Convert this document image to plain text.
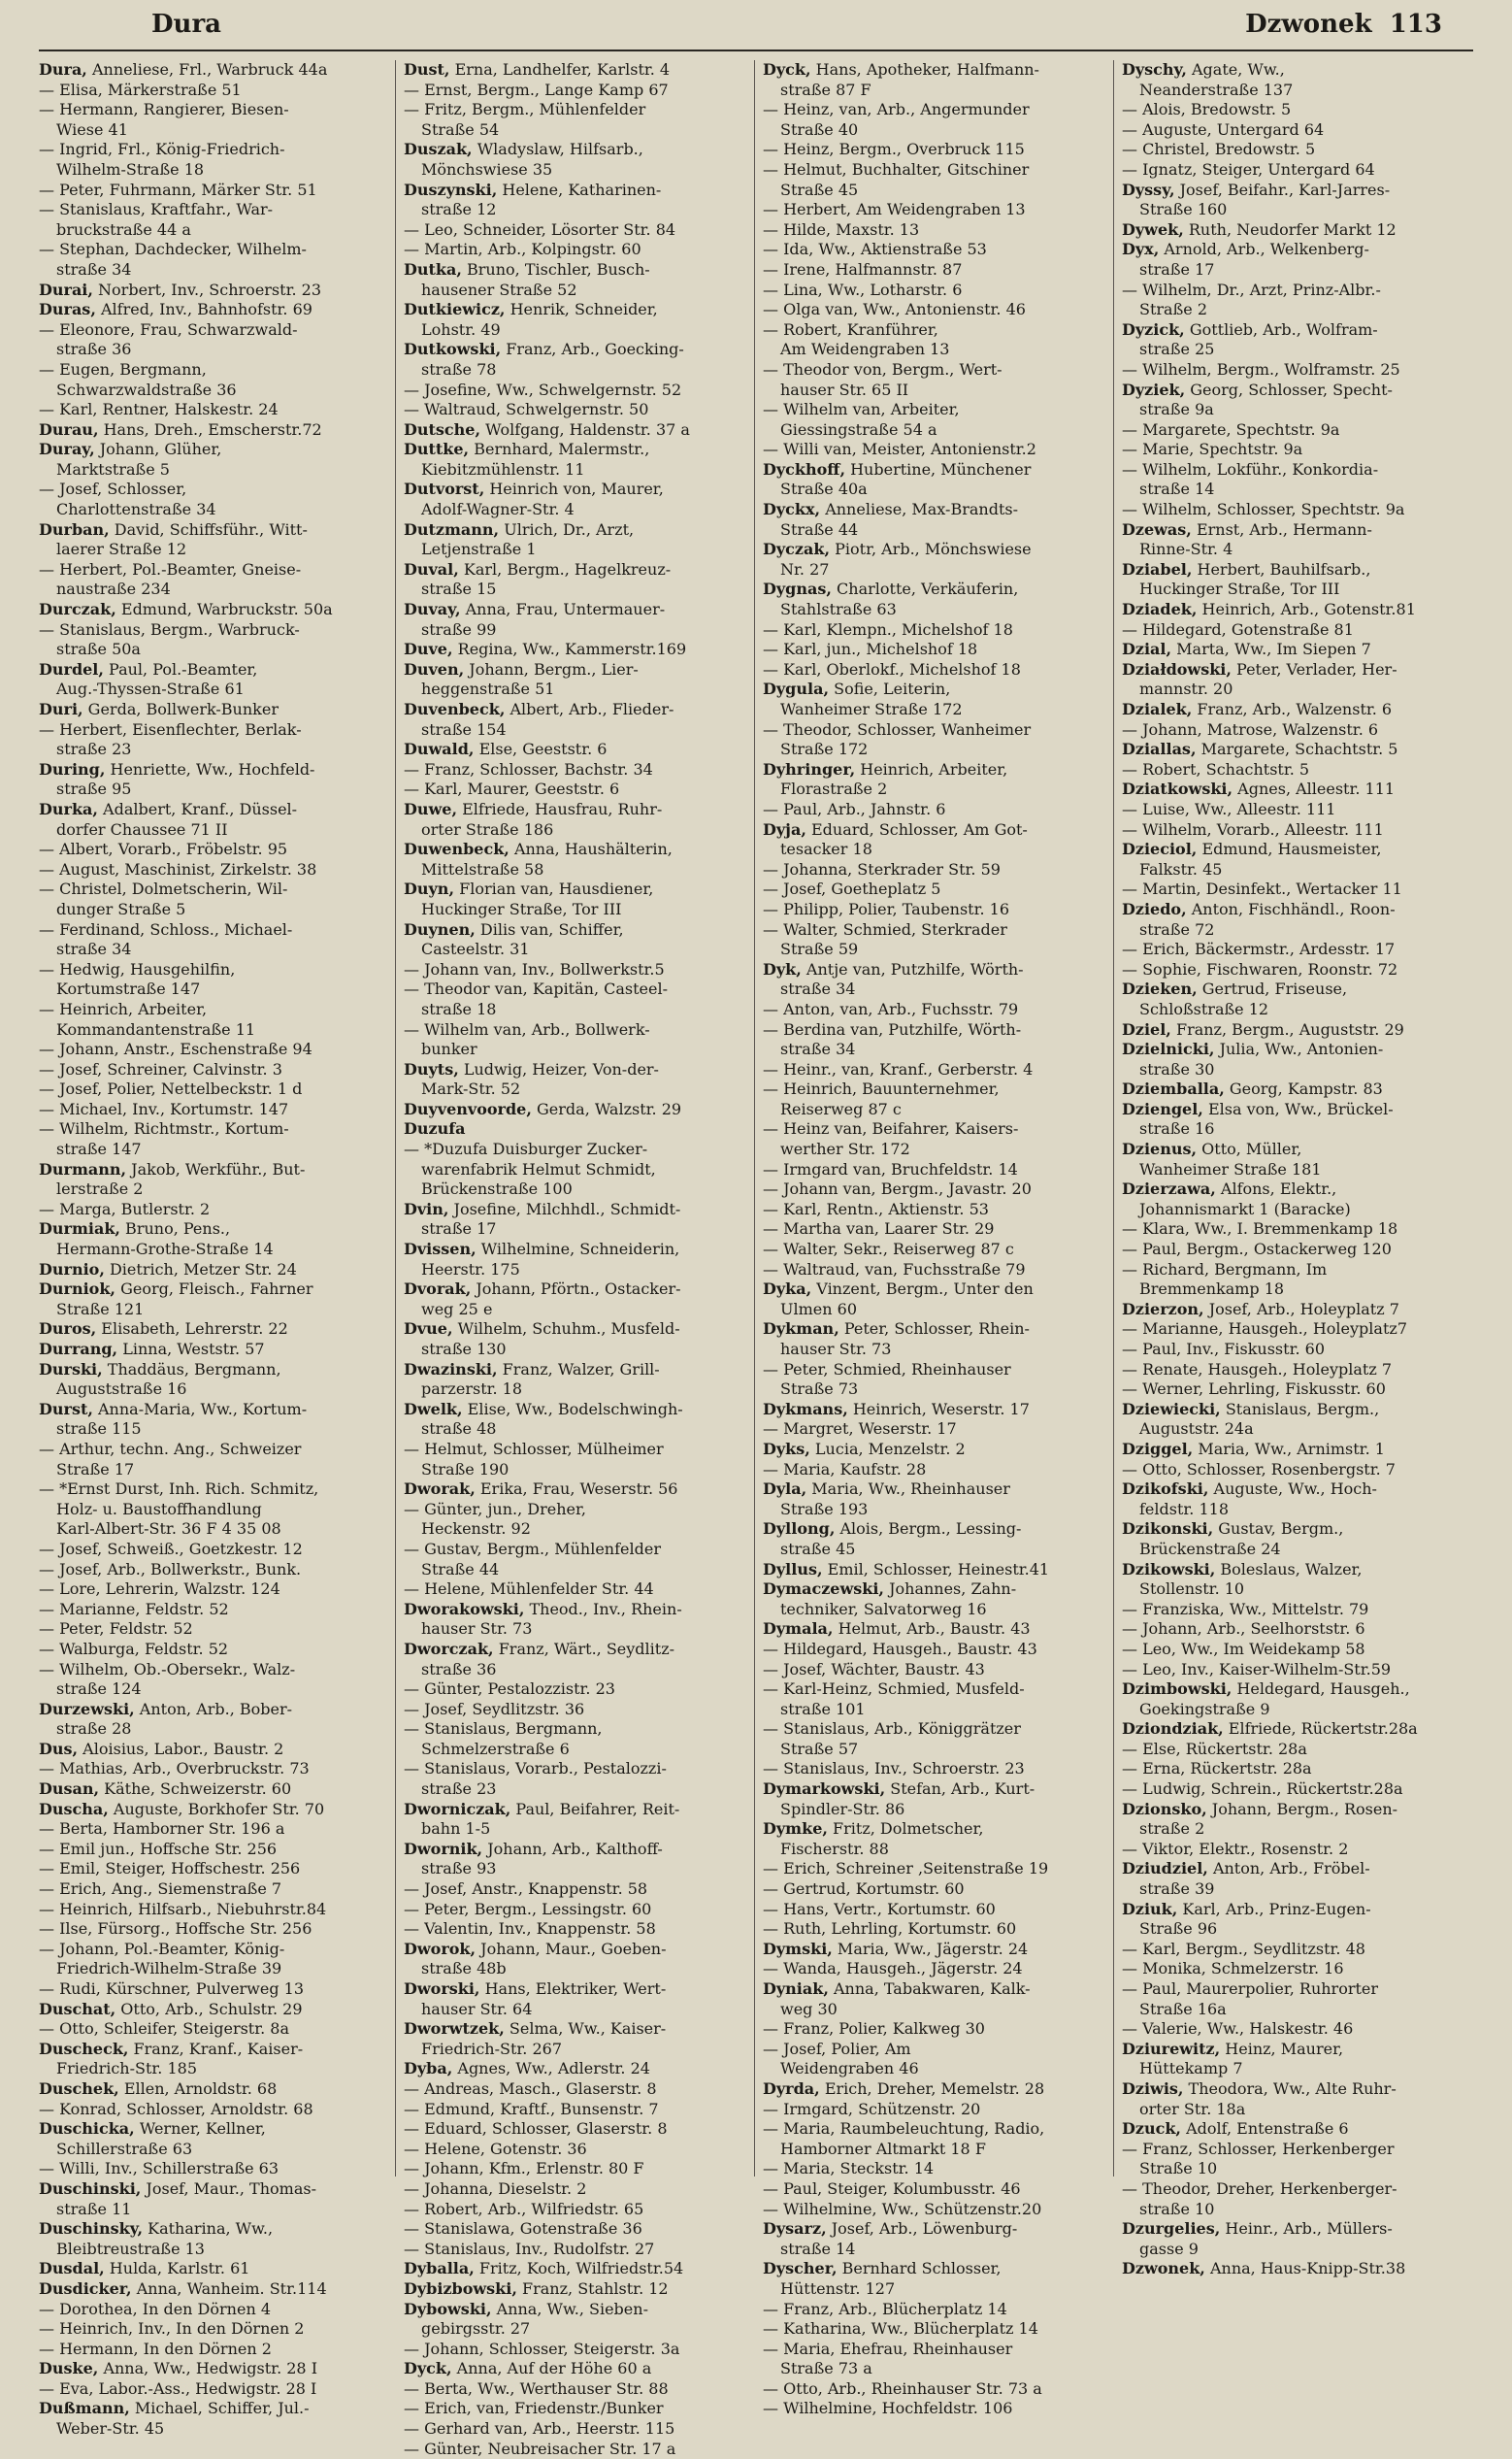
Dura	Dzwonek 113
Dura, Anneliese, Frl., Warbruck 44a
— Elisa, Märkerstraße 51
— Hermann, Rangierer, Biesen-
Wiese 41
— Ingrid, Frl., König-Friedrich-
Wilhelm-Straße 18
— Peter, Fuhrmann, Märker Str. 51
— Stanislaus, Kraftfahr., War-
bruckstraße 44 a
— Stephan, Dachdecker, Wilhelm-
straße 34
Durai, Norbert, Inv., Schroerstr. 23
Duras, Alfred, Inv., Bahnhofstr. 69
— Eleonore, Frau, Schwarzwald-
straße 36
— Eugen, Bergmann,
Schwarzwaldstraße 36
— Karl, Rentner, Halskestr. 24
Durau, Hans, Dreh., Emscherstr.72
Duray, Johann, Glüher,
Marktstraße 5
— Josef, Schlosser,
Charlottenstraße 34
Durban, David, Schiffsführ., Witt-
laerer Straße 12
— Herbert, Pol.-Beamter, Gneise-
naustraße 234
Durczak, Edmund, Warbruckstr. 50a
— Stanislaus, Bergm., Warbruck-
straße 50a
Durdel, Paul, Pol.-Beamter,
Aug.-Thyssen-Straße 61
Duri, Gerda, Bollwerk-Bunker
— Herbert, Eisenflechter, Berlak-
straße 23
During, Henriette, Ww., Hochfeld-
straße 95
Durka, Adalbert, Kranf., Düssel-
dorfer Chaussee 71 II
— Albert, Vorarb., Fröbelstr. 95
— August, Maschinist, Zirkelstr. 38
— Christel, Dolmetscherin, Wil-
dunger Straße 5
— Ferdinand, Schloss., Michael-
straße 34
— Hedwig, Hausgehilfin,
Kortumstraße 147
— Heinrich, Arbeiter,
Kommandantenstraße 11
— Johann, Anstr., Eschenstraße 94
— Josef, Schreiner, Calvinstr. 3
— Josef, Polier, Nettelbeckstr. 1 d
— Michael, Inv., Kortumstr. 147
— Wilhelm, Richtmstr., Kortum-
straße 147
Durmann, Jakob, Werkführ., But-
lerstraße 2
— Marga, Butlerstr. 2
Durmiak, Bruno, Pens.,
Hermann-Grothe-Straße 14
Durnio, Dietrich, Metzer Str. 24
Durniok, Georg, Fleisch., Fahrner
Straße 121
Duros, Elisabeth, Lehrerstr. 22
Durrang, Linna, Weststr. 57
Durski, Thaddäus, Bergmann,
Auguststraße 16
Durst, Anna-Maria, Ww., Kortum-
straße 115
— Arthur, techn. Ang., Schweizer
Straße 17
— *Ernst Durst, Inh. Rich. Schmitz,
Holz- u. Baustoffhandlung
Karl-Albert-Str. 36 F 4 35 08
— Josef, Schweiß., Goetzkestr. 12
— Josef, Arb., Bollwerkstr., Bunk.
— Lore, Lehrerin, Walzstr. 124
— Marianne, Feldstr. 52
— Peter, Feldstr. 52
— Walburga, Feldstr. 52
— Wilhelm, Ob.-Obersekr., Walz-
straße 124
Durzewski, Anton, Arb., Bober-
straße 28
Dus, Aloisius, Labor., Baustr. 2
— Mathias, Arb., Overbruckstr. 73
Dusan, Käthe, Schweizerstr. 60
Duscha, Auguste, Borkhofer Str. 70
— Berta, Hamborner Str. 196 a
— Emil jun., Hoffsche Str. 256
— Emil, Steiger, Hoffschestr. 256
— Erich, Ang., Siemenstraße 7
— Heinrich, Hilfsarb., Niebuhrstr.84
— Ilse, Fürsorg., Hoffsche Str. 256
— Johann, Pol.-Beamter, König-
Friedrich-Wilhelm-Straße 39
— Rudi, Kürschner, Pulverweg 13
Duschat, Otto, Arb., Schulstr. 29
— Otto, Schleifer, Steigerstr. 8a
Duscheck, Franz, Kranf., Kaiser-
Friedrich-Str. 185
Duschek, Ellen, Arnoldstr. 68
— Konrad, Schlosser, Arnoldstr. 68
Duschicka, Werner, Kellner,
Schillerstraße 63
— Willi, Inv., Schillerstraße 63
Duschinski, Josef, Maur., Thomas-
straße 11
Duschinsky, Katharina, Ww.,
Bleibtreustraße 13
Dusdal, Hulda, Karlstr. 61
Dusdicker, Anna, Wanheim. Str.114
— Dorothea, In den Dörnen 4
— Heinrich, Inv., In den Dörnen 2
— Hermann, In den Dörnen 2
Duske, Anna, Ww., Hedwigstr. 28 I
— Eva, Labor.-Ass., Hedwigstr. 28 I
Dußmann, Michael, Schiffer, Jul.-
Weber-Str. 45
Dust, Erna, Landhelfer, Karlstr. 4
— Ernst, Bergm., Lange Kamp 67
— Fritz, Bergm., Mühlenfelder
Straße 54
Duszak, Wladyslaw, Hilfsarb.,
Mönchswiese 35
Duszynski, Helene, Katharinen-
straße 12
— Leo, Schneider, Lösorter Str. 84
— Martin, Arb., Kolpingstr. 60
Dutka, Bruno, Tischler, Busch-
hausener Straße 52
Dutkiewicz, Henrik, Schneider,
Lohstr. 49
Dutkowski, Franz, Arb., Goecking-
straße 78
— Josefine, Ww., Schwelgernstr. 52
— Waltraud, Schwelgernstr. 50
Dutsche, Wolfgang, Haldenstr. 37 a
Duttke, Bernhard, Malermstr.,
Kiebitzmühlenstr. 11
Dutvorst, Heinrich von, Maurer,
Adolf-Wagner-Str. 4
Dutzmann, Ulrich, Dr., Arzt,
Letjenstraße 1
Duval, Karl, Bergm., Hagelkreuz-
straße 15
Duvay, Anna, Frau, Untermauer-
straße 99
Duve, Regina, Ww., Kammerstr.169
Duven, Johann, Bergm., Lier-
heggenstraße 51
Duvenbeck, Albert, Arb., Flieder-
straße 154
Duwald, Else, Geeststr. 6
— Franz, Schlosser, Bachstr. 34
— Karl, Maurer, Geeststr. 6
Duwe, Elfriede, Hausfrau, Ruhr-
orter Straße 186
Duwenbeck, Anna, Haushälterin,
Mittelstraße 58
Duyn, Florian van, Hausdiener,
Huckinger Straße, Tor III
Duynen, Dilis van, Schiffer,
Casteelstr. 31
— Johann van, Inv., Bollwerkstr.5
— Theodor van, Kapitän, Casteel-
straße 18
— Wilhelm van, Arb., Bollwerk-
bunker
Duyts, Ludwig, Heizer, Von-der-
Mark-Str. 52
Duyvenvoorde, Gerda, Walzstr. 29
Duzufa
— *Duzufa Duisburger Zucker-
warenfabrik Helmut Schmidt,
Brückenstraße 100
Dvin, Josefine, Milchhdl., Schmidt-
straße 17
Dvissen, Wilhelmine, Schneiderin,
Heerstr. 175
Dvorak, Johann, Pförtn., Ostacker-
weg 25 e
Dvue, Wilhelm, Schuhm., Musfeld-
straße 130
Dwazinski, Franz, Walzer, Grill-
parzerstr. 18
Dwelk, Elise, Ww., Bodelschwingh-
straße 48
— Helmut, Schlosser, Mülheimer
Straße 190
Dworak, Erika, Frau, Weserstr. 56
— Günter, jun., Dreher,
Heckenstr. 92
— Gustav, Bergm., Mühlenfelder
Straße 44
— Helene, Mühlenfelder Str. 44
Dworakowski, Theod., Inv., Rhein-
hauser Str. 73
Dworczak, Franz, Wärt., Seydlitz-
straße 36
— Günter, Pestalozzistr. 23
— Josef, Seydlitzstr. 36
— Stanislaus, Bergmann,
Schmelzerstraße 6
— Stanislaus, Vorarb., Pestalozzi-
straße 23
Dworniczak, Paul, Beifahrer, Reit-
bahn 1-5
Dwornik, Johann, Arb., Kalthoff-
straße 93
— Josef, Anstr., Knappenstr. 58
— Peter, Bergm., Lessingstr. 60
— Valentin, Inv., Knappenstr. 58
Dworok, Johann, Maur., Goeben-
straße 48b
Dworski, Hans, Elektriker, Wert-
hauser Str. 64
Dworwtzek, Selma, Ww., Kaiser-
Friedrich-Str. 267
Dyba, Agnes, Ww., Adlerstr. 24
— Andreas, Masch., Glaserstr. 8
— Edmund, Kraftf., Bunsenstr. 7
— Eduard, Schlosser, Glaserstr. 8
— Helene, Gotenstr. 36
— Johann, Kfm., Erlenstr. 80 F
— Johanna, Dieselstr. 2
— Robert, Arb., Wilfriedstr. 65
— Stanislawa, Gotenstraße 36
— Stanislaus, Inv., Rudolfstr. 27
Dyballa, Fritz, Koch, Wilfriedstr.54
Dybizbowski, Franz, Stahlstr. 12
Dybowski, Anna, Ww., Sieben-
gebirgsstr. 27
— Johann, Schlosser, Steigerstr. 3a
Dyck, Anna, Auf der Höhe 60 a
— Berta, Ww., Werthauser Str. 88
— Erich, van, Friedenstr./Bunker
— Gerhard van, Arb., Heerstr. 115
— Günter, Neubreisacher Str. 17 a
Dyck, Hans, Apotheker, Halfmann-
straße 87 F
— Heinz, van, Arb., Angermunder
Straße 40
— Heinz, Bergm., Overbruck 115
— Helmut, Buchhalter, Gitschiner
Straße 45
— Herbert, Am Weidengraben 13
— Hilde, Maxstr. 13
— Ida, Ww., Aktienstraße 53
— Irene, Halfmannstr. 87
— Lina, Ww., Lotharstr. 6
— Olga van, Ww., Antonienstr. 46
— Robert, Kranführer,
Am Weidengraben 13
— Theodor von, Bergm., Wert-
hauser Str. 65 II
— Wilhelm van, Arbeiter,
Giessingstraße 54 a
— Willi van, Meister, Antonienstr.2
Dyckhoff, Hubertine, Münchener
Straße 40a
Dyckx, Anneliese, Max-Brandts-
Straße 44
Dyczak, Piotr, Arb., Mönchswiese
Nr. 27
Dygnas, Charlotte, Verkäuferin,
Stahlstraße 63
— Karl, Klempn., Michelshof 18
— Karl, jun., Michelshof 18
— Karl, Oberlokf., Michelshof 18
Dygula, Sofie, Leiterin,
Wanheimer Straße 172
— Theodor, Schlosser, Wanheimer
Straße 172
Dyhringer, Heinrich, Arbeiter,
Florastraße 2
— Paul, Arb., Jahnstr. 6
Dyja, Eduard, Schlosser, Am Got-
tesacker 18
— Johanna, Sterkrader Str. 59
— Josef, Goetheplatz 5
— Philipp, Polier, Taubenstr. 16
— Walter, Schmied, Sterkrader
Straße 59
Dyk, Antje van, Putzhilfe, Wörth-
straße 34
— Anton, van, Arb., Fuchsstr. 79
— Berdina van, Putzhilfe, Wörth-
straße 34
— Heinr., van, Kranf., Gerberstr. 4
— Heinrich, Bauunternehmer,
Reiserweg 87 c
— Heinz van, Beifahrer, Kaisers-
werther Str. 172
— Irmgard van, Bruchfeldstr. 14
— Johann van, Bergm., Javastr. 20
— Karl, Rentn., Aktienstr. 53
— Martha van, Laarer Str. 29
— Walter, Sekr., Reiserweg 87 c
— Waltraud, van, Fuchsstraße 79
Dyka, Vinzent, Bergm., Unter den
Ulmen 60
Dykman, Peter, Schlosser, Rhein-
hauser Str. 73
— Peter, Schmied, Rheinhauser
Straße 73
Dykmans, Heinrich, Weserstr. 17
— Margret, Weserstr. 17
Dyks, Lucia, Menzelstr. 2
— Maria, Kaufstr. 28
Dyla, Maria, Ww., Rheinhauser
Straße 193
Dyllong, Alois, Bergm., Lessing-
straße 45
Dyllus, Emil, Schlosser, Heinestr.41
Dymaczewski, Johannes, Zahn-
techniker, Salvatorweg 16
Dymala, Helmut, Arb., Baustr. 43
— Hildegard, Hausgeh., Baustr. 43
— Josef, Wächter, Baustr. 43
— Karl-Heinz, Schmied, Musfeld-
straße 101
— Stanislaus, Arb., Königgrätzer
Straße 57
— Stanislaus, Inv., Schroerstr. 23
Dymarkowski, Stefan, Arb., Kurt-
Spindler-Str. 86
Dymke, Fritz, Dolmetscher,
Fischerstr. 88
— Erich, Schreiner ,Seitenstraße 19
— Gertrud, Kortumstr. 60
— Hans, Vertr., Kortumstr. 60
— Ruth, Lehrling, Kortumstr. 60
Dymski, Maria, Ww., Jägerstr. 24
— Wanda, Hausgeh., Jägerstr. 24
Dyniak, Anna, Tabakwaren, Kalk-
weg 30
— Franz, Polier, Kalkweg 30
— Josef, Polier, Am
Weidengraben 46
Dyrda, Erich, Dreher, Memelstr. 28
— Irmgard, Schützenstr. 20
— Maria, Raumbeleuchtung, Radio,
Hamborner Altmarkt 18 F
— Maria, Steckstr. 14
— Paul, Steiger, Kolumbusstr. 46
— Wilhelmine, Ww., Schützenstr.20
Dysarz, Josef, Arb., Löwenburg-
straße 14
Dyscher, Bernhard Schlosser,
Hüttenstr. 127
— Franz, Arb., Blücherplatz 14
— Katharina, Ww., Blücherplatz 14
— Maria, Ehefrau, Rheinhauser
Straße 73 a
— Otto, Arb., Rheinhauser Str. 73 a
— Wilhelmine, Hochfeldstr. 106
Dyschy, Agate, Ww.,
Neanderstraße 137
— Alois, Bredowstr. 5
— Auguste, Untergard 64
— Christel, Bredowstr. 5
— Ignatz, Steiger, Untergard 64
Dyssy, Josef, Beifahr., Karl-Jarres-
Straße 160
Dywek, Ruth, Neudorfer Markt 12
Dyx, Arnold, Arb., Welkenberg-
straße 17
— Wilhelm, Dr., Arzt, Prinz-Albr.-
Straße 2
Dyzick, Gottlieb, Arb., Wolfram-
straße 25
— Wilhelm, Bergm., Wolframstr. 25
Dyziek, Georg, Schlosser, Specht-
straße 9a
— Margarete, Spechtstr. 9a
— Marie, Spechtstr. 9a
— Wilhelm, Lokführ., Konkordia-
straße 14
— Wilhelm, Schlosser, Spechtstr. 9a
Dzewas, Ernst, Arb., Hermann-
Rinne-Str. 4
Dziabel, Herbert, Bauhilfsarb.,
Huckinger Straße, Tor III
Dziadek, Heinrich, Arb., Gotenstr.81
— Hildegard, Gotenstraße 81
Dzial, Marta, Ww., Im Siepen 7
Działdowski, Peter, Verlader, Her-
mannstr. 20
Dzialek, Franz, Arb., Walzenstr. 6
— Johann, Matrose, Walzenstr. 6
Dziallas, Margarete, Schachtstr. 5
— Robert, Schachtstr. 5
Dziatkowski, Agnes, Alleestr. 111
— Luise, Ww., Alleestr. 111
— Wilhelm, Vorarb., Alleestr. 111
Dzieciol, Edmund, Hausmeister,
Falkstr. 45
— Martin, Desinfekt., Wertacker 11
Dziedo, Anton, Fischhändl., Roon-
straße 72
— Erich, Bäckermstr., Ardesstr. 17
— Sophie, Fischwaren, Roonstr. 72
Dzieken, Gertrud, Friseuse,
Schloßstraße 12
Dziel, Franz, Bergm., Auguststr. 29
Dzielnicki, Julia, Ww., Antonien-
straße 30
Dziemballa, Georg, Kampstr. 83
Dziengel, Elsa von, Ww., Brückel-
straße 16
Dzienus, Otto, Müller,
Wanheimer Straße 181
Dzierzawa, Alfons, Elektr.,
Johannismarkt 1 (Baracke)
— Klara, Ww., I. Bremmenkamp 18
— Paul, Bergm., Ostackerweg 120
— Richard, Bergmann, Im
Bremmenkamp 18
Dzierzon, Josef, Arb., Holeyplatz 7
— Marianne, Hausgeh., Holeyplatz7
— Paul, Inv., Fiskusstr. 60
— Renate, Hausgeh., Holeyplatz 7
— Werner, Lehrling, Fiskusstr. 60
Dziewiecki, Stanislaus, Bergm.,
Auguststr. 24a
Dziggel, Maria, Ww., Arnimstr. 1
— Otto, Schlosser, Rosenbergstr. 7
Dzikofski, Auguste, Ww., Hoch-
feldstr. 118
Dzikonski, Gustav, Bergm.,
Brückenstraße 24
Dzikowski, Boleslaus, Walzer,
Stollenstr. 10
— Franziska, Ww., Mittelstr. 79
— Johann, Arb., Seelhorststr. 6
— Leo, Ww., Im Weidekamp 58
— Leo, Inv., Kaiser-Wilhelm-Str.59
Dzimbowski, Heldegard, Hausgeh.,
Goekingstraße 9
Dziondziak, Elfriede, Rückertstr.28a
— Else, Rückertstr. 28a
— Erna, Rückertstr. 28a
— Ludwig, Schrein., Rückertstr.28a
Dzionsko, Johann, Bergm., Rosen-
straße 2
— Viktor, Elektr., Rosenstr. 2
Dziudziel, Anton, Arb., Fröbel-
straße 39
Dziuk, Karl, Arb., Prinz-Eugen-
Straße 96
— Karl, Bergm., Seydlitzstr. 48
— Monika, Schmelzerstr. 16
— Paul, Maurerpolier, Ruhrorter
Straße 16a
— Valerie, Ww., Halskestr. 46
Dziurewitz, Heinz, Maurer,
Hüttekamp 7
Dziwis, Theodora, Ww., Alte Ruhr-
orter Str. 18a
Dzuck, Adolf, Entenstraße 6
— Franz, Schlosser, Herkenberger
Straße 10
— Theodor, Dreher, Herkenberger-
straße 10
Dzurgelies, Heinr., Arb., Müllers-
gasse 9
Dzwonek, Anna, Haus-Knipp-Str.38
